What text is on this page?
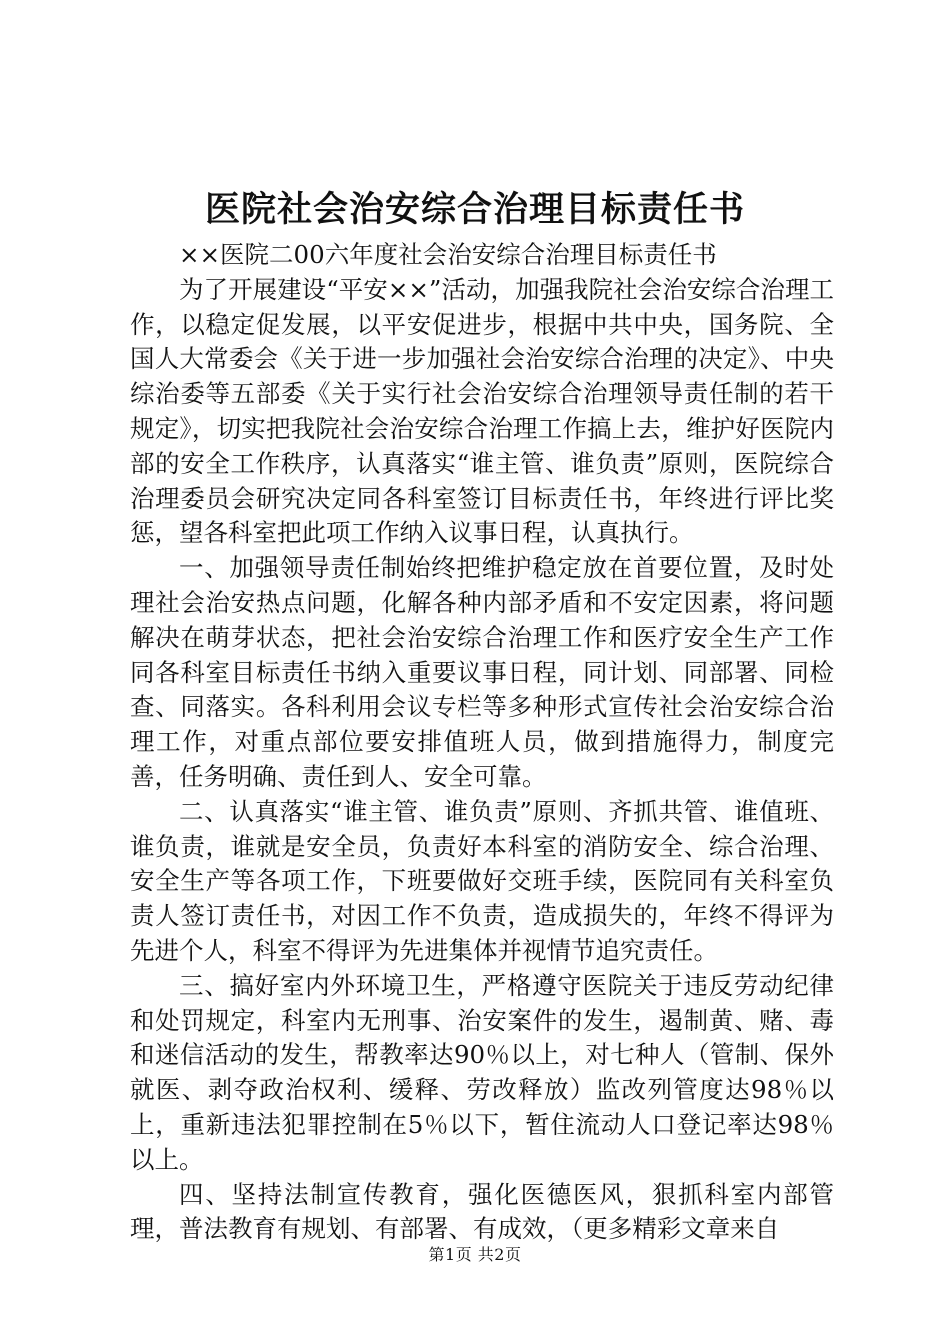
医院社会治安综合治理目标责任书

××医院二00六年度社会治安综合治理目标责任书

为了开展建设“平安××”活动，加强我院社会治安综合治理工作，以稳定促发展，以平安促进步，根据中共中央，国务院、全国人大常委会《关于进一步加强社会治安综合治理的决定》、中央综治委等五部委《关于实行社会治安综合治理领导责任制的若干规定》，切实把我院社会治安综合治理工作搞上去，维护好医院内部的安全工作秩序，认真落实“谁主管、谁负责”原则，医院综合治理委员会研究决定同各科室签订目标责任书，年终进行评比奖惩，望各科室把此项工作纳入议事日程，认真执行。

一、加强领导责任制始终把维护稳定放在首要位置，及时处理社会治安热点问题，化解各种内部矛盾和不安定因素，将问题解决在萌芽状态，把社会治安综合治理工作和医疗安全生产工作同各科室目标责任书纳入重要议事日程，同计划、同部署、同检查、同落实。各科利用会议专栏等多种形式宣传社会治安综合治理工作，对重点部位要安排值班人员，做到措施得力，制度完善，任务明确、责任到人、安全可靠。

二、认真落实“谁主管、谁负责”原则、齐抓共管、谁值班、谁负责，谁就是安全员，负责好本科室的消防安全、综合治理、安全生产等各项工作，下班要做好交班手续，医院同有关科室负责人签订责任书，对因工作不负责，造成损失的，年终不得评为先进个人，科室不得评为先进集体并视情节追究责任。

三、搞好室内外环境卫生，严格遵守医院关于违反劳动纪律和处罚规定，科室内无刑事、治安案件的发生，遏制黄、赌、毒和迷信活动的发生，帮教率达90％以上，对七种人（管制、保外就医、剥夺政治权利、缓释、劳改释放）监改列管度达98％以上，重新违法犯罪控制在5％以下，暂住流动人口登记率达98％以上。

四、坚持法制宣传教育，强化医德医风，狠抓科室内部管理，普法教育有规划、有部署、有成效，（更多精彩文章来自

第1页 共2页
